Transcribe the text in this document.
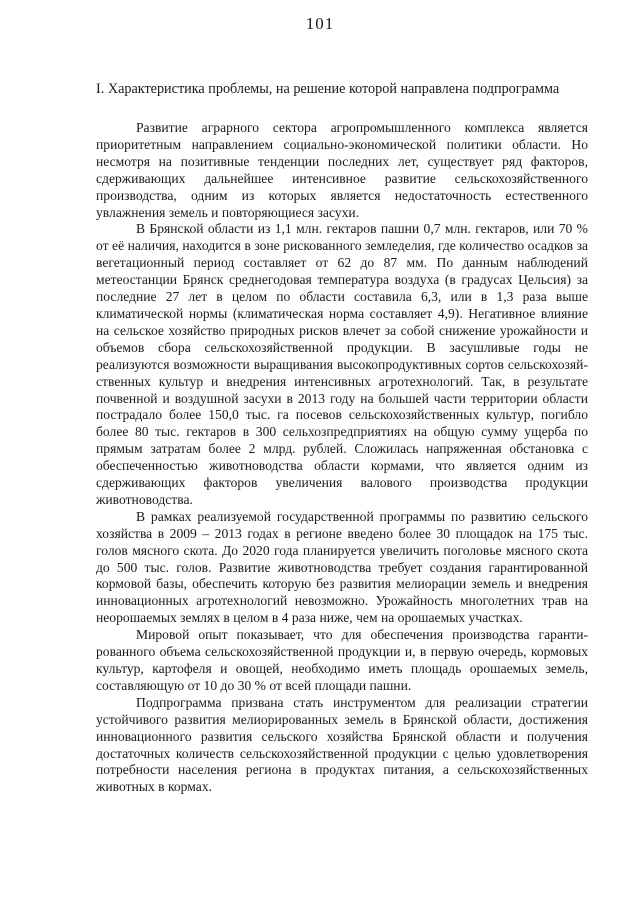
101
I. Характеристика проблемы, на решение которой направлена подпрограмма

Развитие аграрного сектора агропромышленного комплекса является приоритетным направлением социально-экономической политики области. Но несмотря на позитивные тенденции последних лет, существует ряд факторов, сдерживающих дальнейшее интенсивное развитие сельскохозяйственного производства, одним из которых является недостаточность естественного увлажнения земель и повторяющиеся засухи.

В Брянской области из 1,1 млн. гектаров пашни 0,7 млн. гектаров, или 70 % от её наличия, находится в зоне рискованного земледелия, где количество осадков за вегетационный период составляет от 62 до 87 мм. По данным наблюдений метеостанции Брянск среднегодовая температура воздуха (в градусах Цельсия) за последние 27 лет в целом по области составила 6,3, или в 1,3 раза выше климатической нормы (климатическая норма составляет 4,9). Негативное влияние на сельское хозяйство природных рисков влечет за собой снижение урожайности и объемов сбора сельскохозяйственной продукции. В засушливые годы не реализуются возможности выращивания высокопродуктивных сортов сельскохозяйственных культур и внедрения интенсивных агротехнологий. Так, в результате почвенной и воздушной засухи в 2013 году на большей части территории области пострадало более 150,0 тыс. га посевов сельскохозяйственных культур, погибло более 80 тыс. гектаров в 300 сельхозпредприятиях на общую сумму ущерба по прямым затратам более 2 млрд. рублей. Сложилась напряженная обстановка с обеспеченностью животноводства области кормами, что является одним из сдерживающих факторов увеличения валового производства продукции животноводства.

В рамках реализуемой государственной программы по развитию сельского хозяйства в 2009 – 2013 годах в регионе введено более 30 площадок на 175 тыс. голов мясного скота. До 2020 года планируется увеличить поголовье мясного скота до 500 тыс. голов. Развитие животноводства требует создания гарантированной кормовой базы, обеспечить которую без развития мелиорации земель и внедрения инновационных агротехнологий невозможно. Урожайность многолетних трав на неорошаемых землях в целом в 4 раза ниже, чем на орошаемых участках.

Мировой опыт показывает, что для обеспечения производства гарантированного объема сельскохозяйственной продукции и, в первую очередь, кормовых культур, картофеля и овощей, необходимо иметь площадь орошаемых земель, составляющую от 10 до 30 % от всей площади пашни.

Подпрограмма призвана стать инструментом для реализации стратегии устойчивого развития мелиорированных земель в Брянской области, достижения инновационного развития сельского хозяйства Брянской области и получения достаточных количеств сельскохозяйственной продукции с целью удовлетворения потребности населения региона в продуктах питания, а сельскохозяйственных животных в кормах.
